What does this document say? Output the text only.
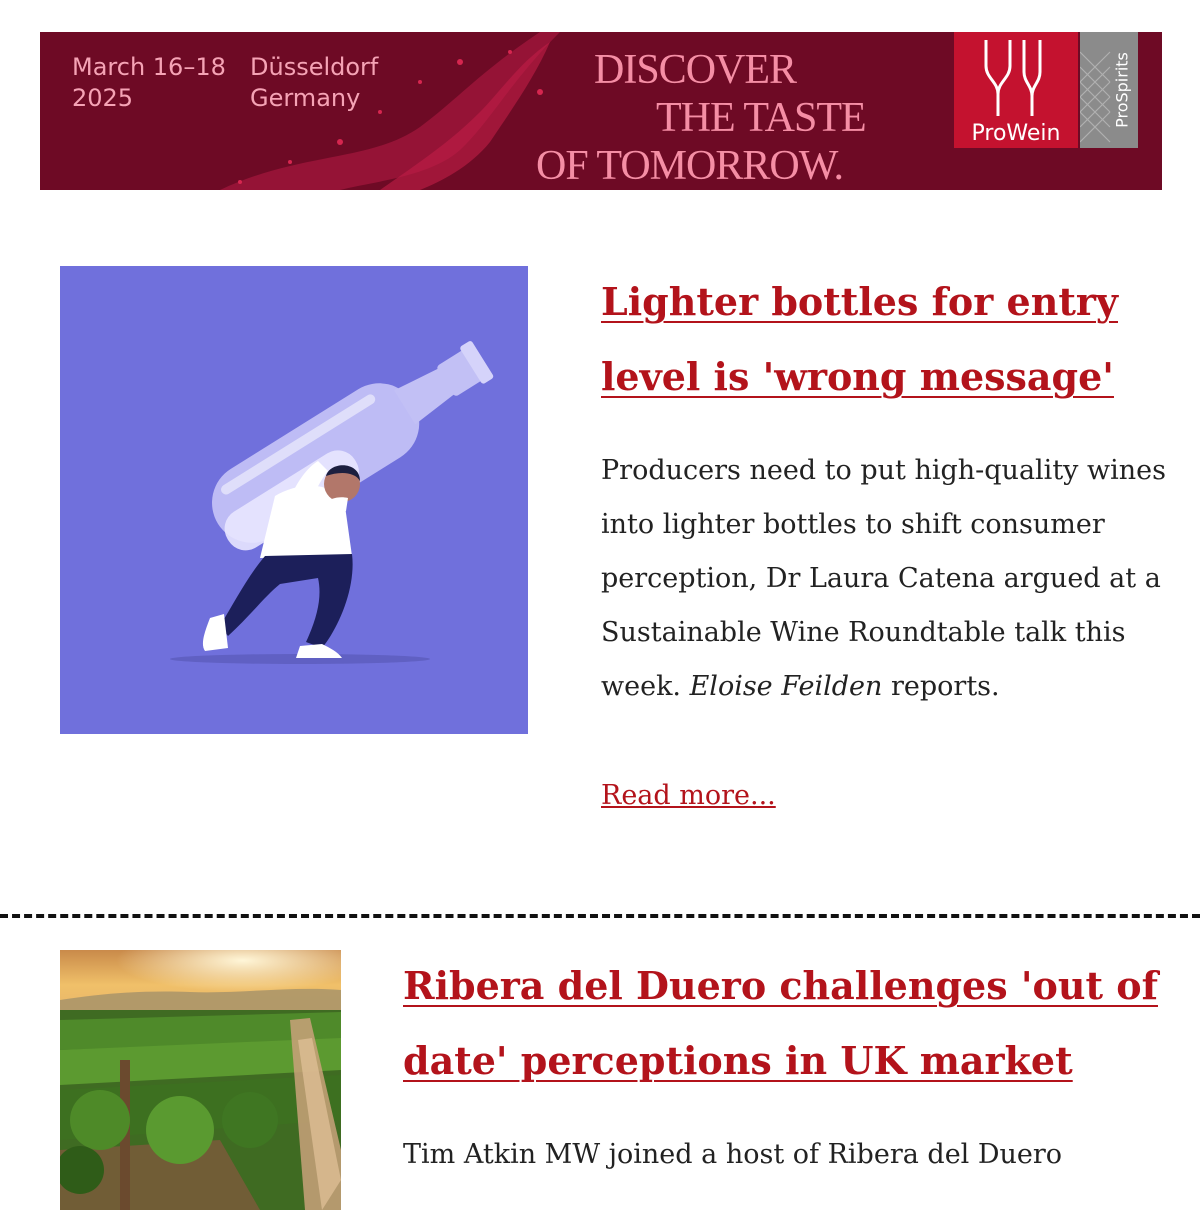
March 16–18
2025
Düsseldorf
Germany
DISCOVER
THE TASTE
OF TOMORROW.
ProWein
ProSpirits
Lighter bottles for entry level is 'wrong message'

Producers need to put high-quality wines into lighter bottles to shift consumer perception, Dr Laura Catena argued at a Sustainable Wine Roundtable talk this week. Eloise Feilden reports.

Read more...
Ribera del Duero challenges 'out of date' perceptions in UK market

Tim Atkin MW joined a host of Ribera del Duero
